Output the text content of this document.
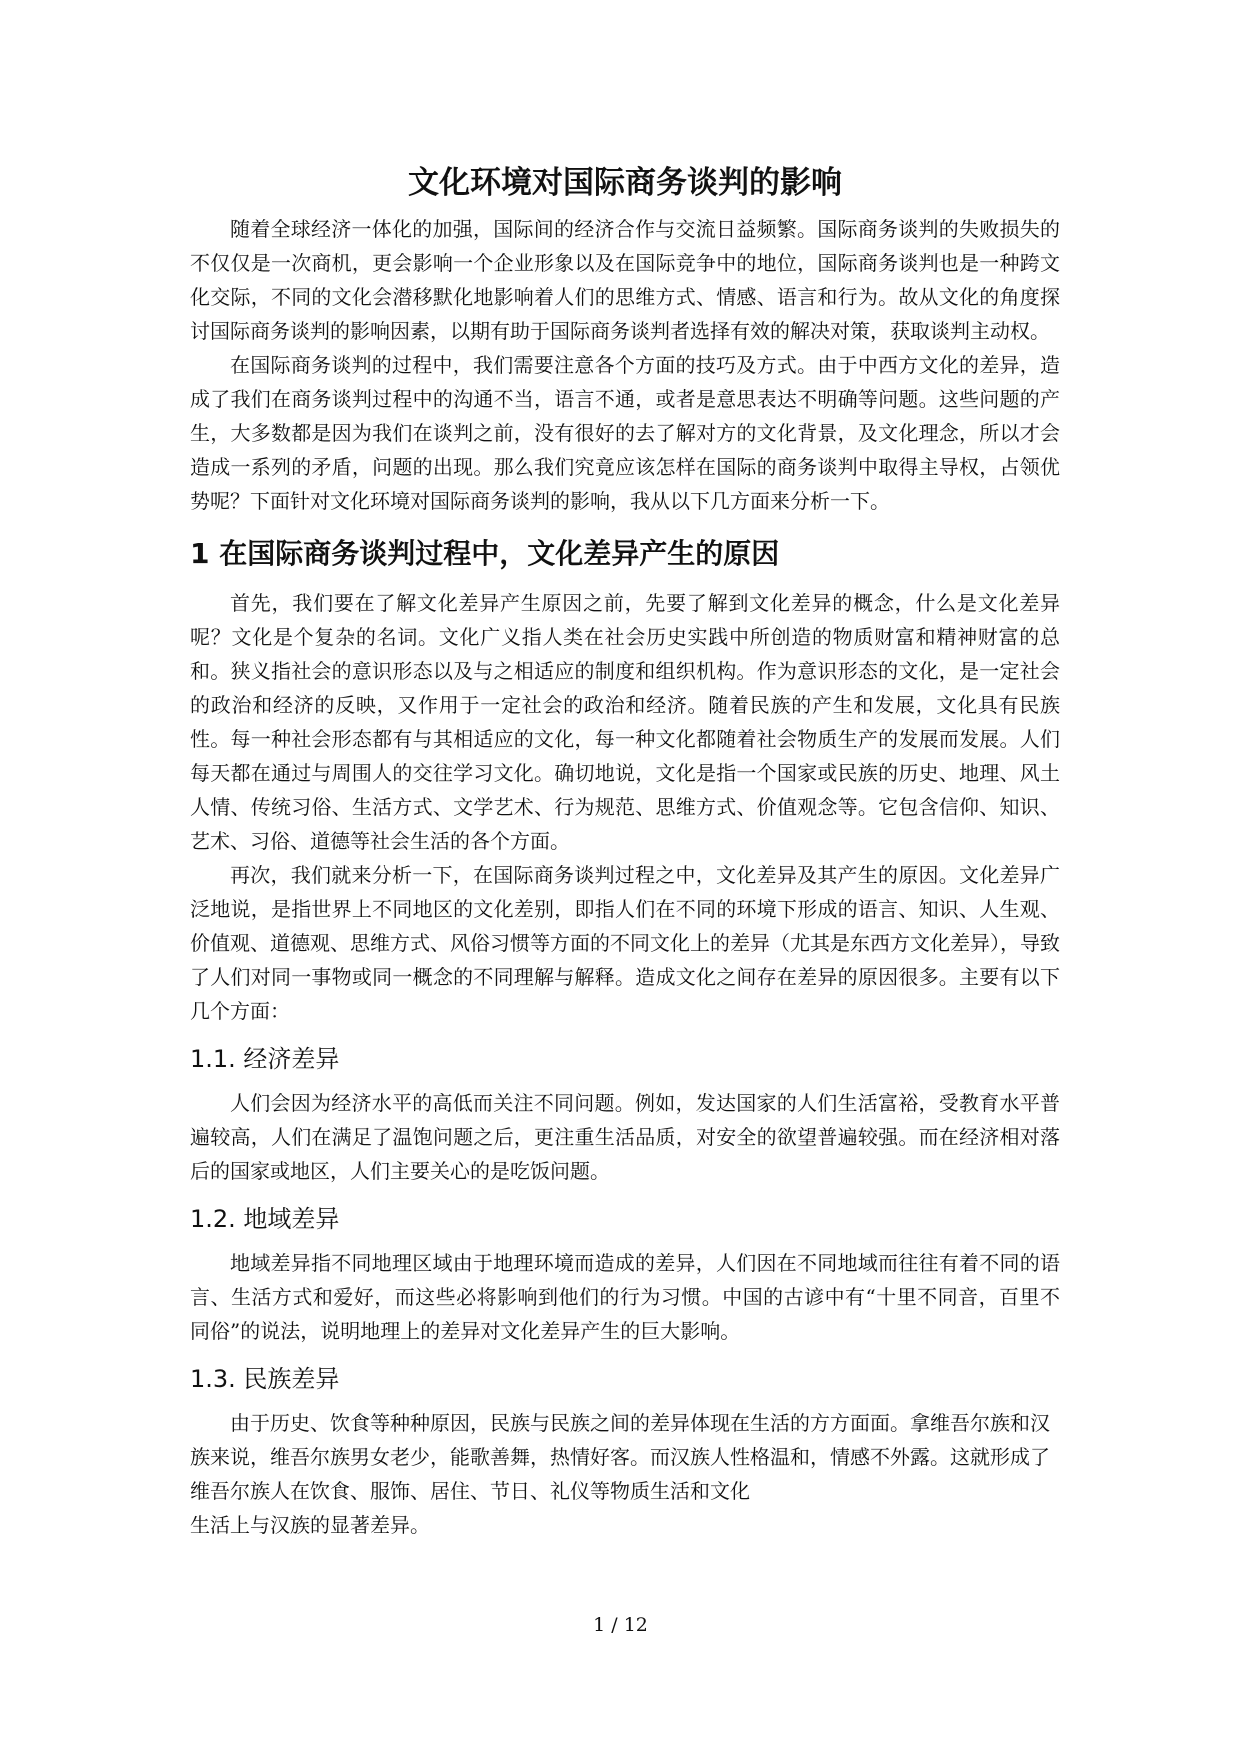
文化环境对国际商务谈判的影响

随着全球经济一体化的加强，国际间的经济合作与交流日益频繁。国际商务谈判的失败损失的不仅仅是一次商机，更会影响一个企业形象以及在国际竞争中的地位，国际商务谈判也是一种跨文化交际，不同的文化会潜移默化地影响着人们的思维方式、情感、语言和行为。故从文化的角度探讨国际商务谈判的影响因素，以期有助于国际商务谈判者选择有效的解决对策，获取谈判主动权。

在国际商务谈判的过程中，我们需要注意各个方面的技巧及方式。由于中西方文化的差异，造成了我们在商务谈判过程中的沟通不当，语言不通，或者是意思表达不明确等问题。这些问题的产生，大多数都是因为我们在谈判之前，没有很好的去了解对方的文化背景，及文化理念，所以才会造成一系列的矛盾，问题的出现。那么我们究竟应该怎样在国际的商务谈判中取得主导权，占领优势呢？下面针对文化环境对国际商务谈判的影响，我从以下几方面来分析一下。

1 在国际商务谈判过程中，文化差异产生的原因

首先，我们要在了解文化差异产生原因之前，先要了解到文化差异的概念，什么是文化差异呢？文化是个复杂的名词。文化广义指人类在社会历史实践中所创造的物质财富和精神财富的总和。狭义指社会的意识形态以及与之相适应的制度和组织机构。作为意识形态的文化，是一定社会的政治和经济的反映，又作用于一定社会的政治和经济。随着民族的产生和发展，文化具有民族性。每一种社会形态都有与其相适应的文化，每一种文化都随着社会物质生产的发展而发展。人们每天都在通过与周围人的交往学习文化。确切地说，文化是指一个国家或民族的历史、地理、风土人情、传统习俗、生活方式、文学艺术、行为规范、思维方式、价值观念等。它包含信仰、知识、艺术、习俗、道德等社会生活的各个方面。

再次，我们就来分析一下，在国际商务谈判过程之中，文化差异及其产生的原因。文化差异广泛地说，是指世界上不同地区的文化差别，即指人们在不同的环境下形成的语言、知识、人生观、价值观、道德观、思维方式、风俗习惯等方面的不同文化上的差异（尤其是东西方文化差异），导致了人们对同一事物或同一概念的不同理解与解释。造成文化之间存在差异的原因很多。主要有以下几个方面：

1.1. 经济差异

人们会因为经济水平的高低而关注不同问题。例如，发达国家的人们生活富裕，受教育水平普遍较高，人们在满足了温饱问题之后，更注重生活品质，对安全的欲望普遍较强。而在经济相对落后的国家或地区，人们主要关心的是吃饭问题。

1.2. 地域差异

地域差异指不同地理区域由于地理环境而造成的差异，人们因在不同地域而往往有着不同的语言、生活方式和爱好，而这些必将影响到他们的行为习惯。中国的古谚中有“十里不同音，百里不同俗”的说法，说明地理上的差异对文化差异产生的巨大影响。

1.3. 民族差异

由于历史、饮食等种种原因，民族与民族之间的差异体现在生活的方方面面。拿维吾尔族和汉族来说，维吾尔族男女老少，能歌善舞，热情好客。而汉族人性格温和，情感不外露。这就形成了维吾尔族人在饮食、服饰、居住、节日、礼仪等物质生活和文化

生活上与汉族的显著差异。

1 / 12
